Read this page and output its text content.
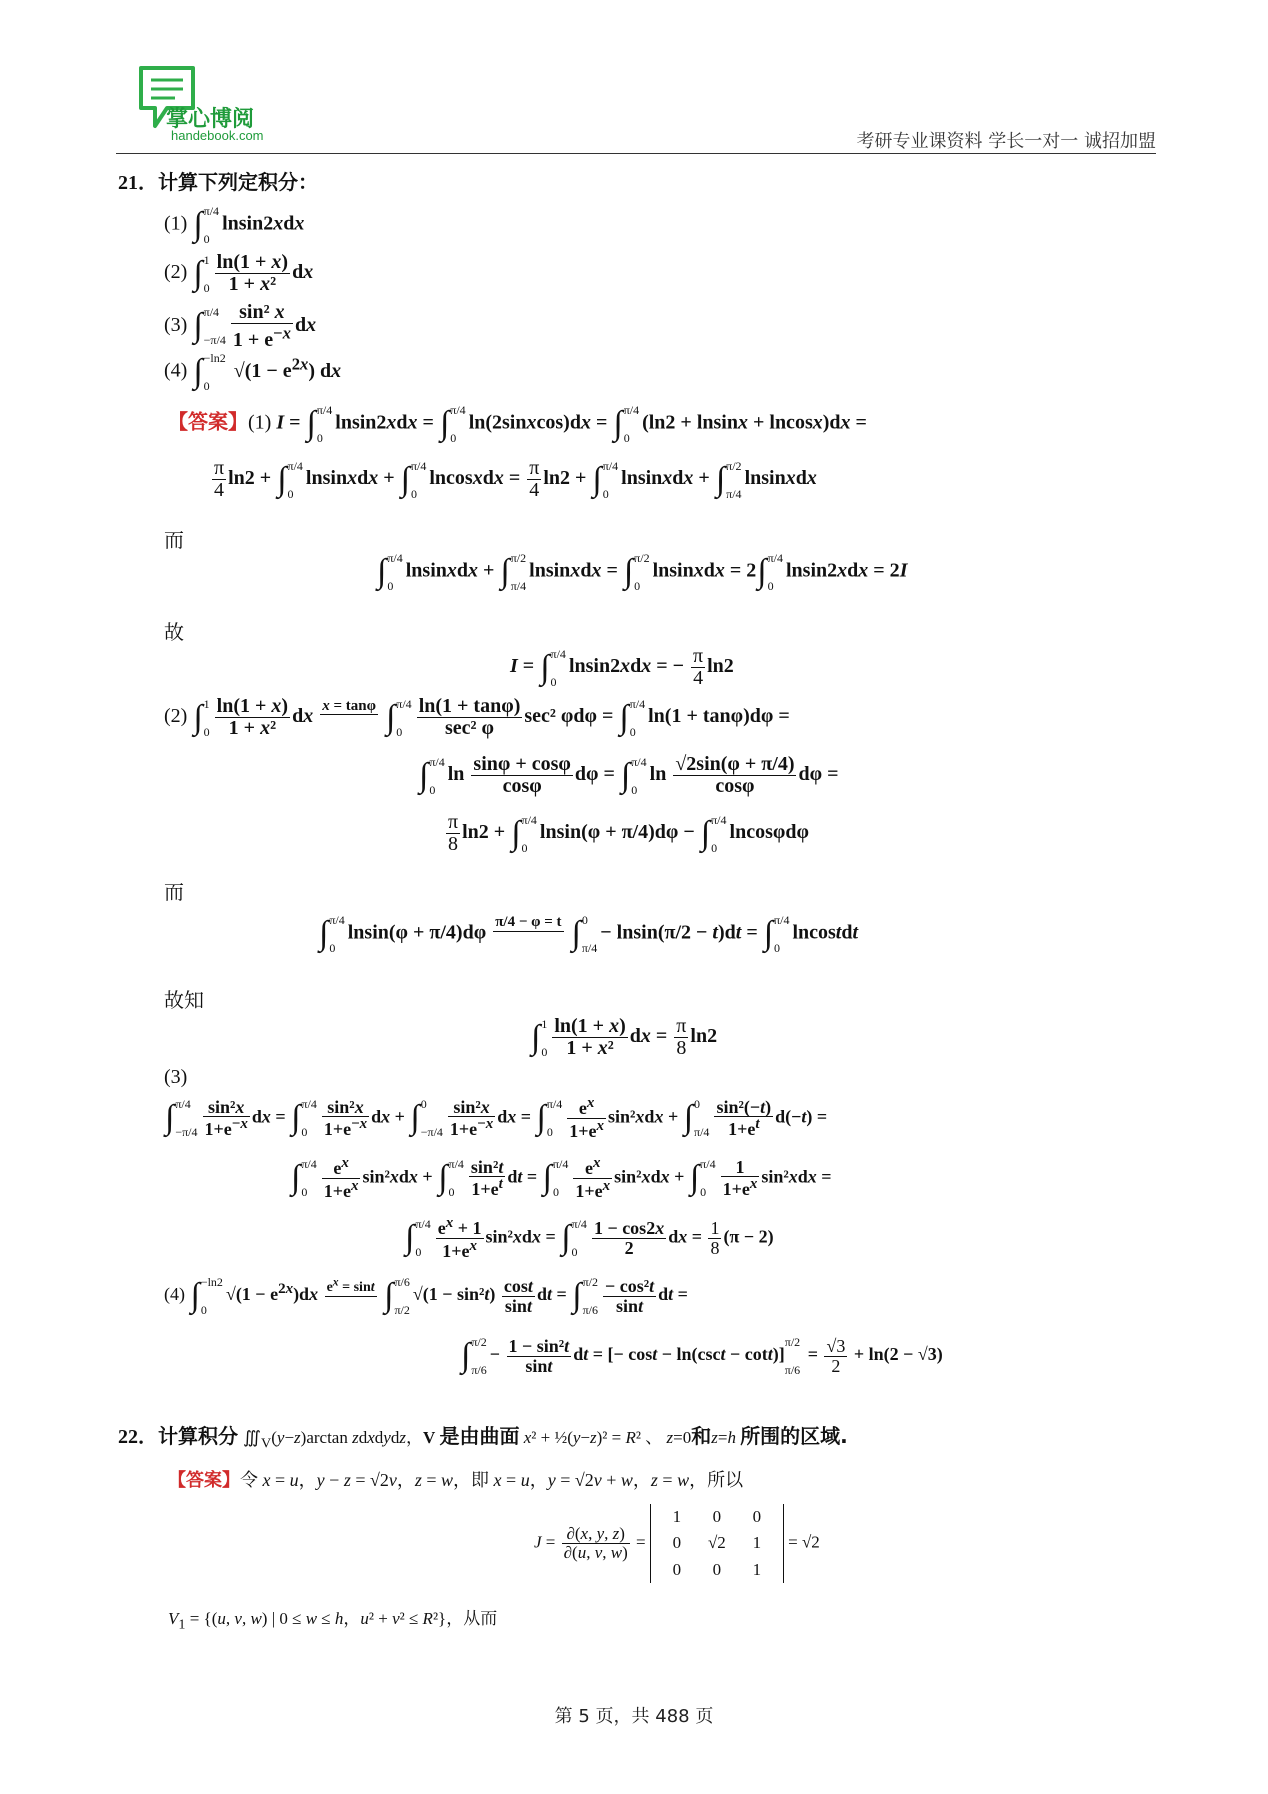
掌心博阅
handebook.com	考研专业课资料 学长一对一 诚招加盟
21．计算下列定积分：
(1) ∫ π/4
0
lnsin2xdx
(2) ∫ 1
$0 \frac{\ln(1 + x)}{\text{1 + x²}}$ dx
(3) ∫ π/4
$-\pi/4 \frac{\text{sin² x}}{1 + e^{-x}}$ dx
(4) ∫ −ln2
0
$√(1 - e^{2x})$ dx
【答案】(1) I = ∫ π/4
0
lnsin2xdx = ∫ π/4
0
ln(2sinxcos)dx = ∫ π/4
0
(ln2 + lnsinx + lncosx)dx =
$\frac{\pi}{4} \ln 2$ + ∫ π/4
0
lnsinxdx + ∫ π/4
0
lncosxdx = $\frac{\pi}{4} \ln 2$ + ∫ π/4
0
lnsinxdx + ∫ π/2
π/4
lnsinxdx
而
∫ π/4
0
lnsinxdx + ∫ π/2
π/4
lnsinxdx = ∫ π/2
0
lnsinxdx = 2∫ π/4
0
lnsin2xdx = 2I
故
I = ∫ π/4
0
lnsin2xdx = − $\frac{\pi}{4} \ln 2$
(2) ∫ 1
$0 \frac{\ln(1 + x)}{\text{1 + x²}}$ dx x = tanφ
∫ π/4
$0 \frac{\ln(1 + \tan\varphi)}{\text{sec² φ}} \sec^2$ φdφ = ∫ π/4
0
ln(1 + tanφ)dφ =
∫ π/4
0
$\ln \frac{\sin\varphi + \cos\varphi}{\cos\varphi}$ dφ = ∫ π/4
0
$\ln \frac{√2\sin(\varphi + \pi/4)}{\cos\varphi}$ dφ =
$\frac{\pi}{8} \ln 2$ + ∫ π/4
0
lnsin(φ + π/4)dφ − ∫ π/4
0
lncosφdφ
而
∫ π/4
0
lnsin(φ + π/4)dφ π/4 − φ = t
∫ 0
π/4
− lnsin(π/2 − t)dt = ∫ π/4
0
lncostdt
故知
∫ 1
$0 \frac{\ln(1 + x)}{\text{1 + x²}}$ dx = $\frac{\pi}{8} \ln 2$
(3)
∫ π/4
$-\pi/4 \frac{\text{sin²x}}{1+e^{-x}}$ dx = ∫ π/4
$0 \frac{\text{sin²x}}{1+e^{-x}}$ dx + ∫ 0
$-\pi/4 \frac{\text{sin²x}}{1+e^{-x}}$ dx = ∫ π/4
$0 \frac{e^x}{1+e^x} \sin^2xdx$ + ∫ 0
$\pi/4 \frac{\text{sin²(−t)}}{1+e^t} d(-t)$ =
∫ π/4
$0 \frac{e^x}{1+e^x} \sin^2xdx$ + ∫ π/4
$0 \frac{\text{sin²t}}{1+e^t}$ dt = ∫ π/4
$0 \frac{e^x}{1+e^x} \sin^2xdx$ + ∫ π/4
$0 \frac{1}{1+e^x} \sin^2xdx$ =
∫ π/4
$0 \frac{e^x + 1}{1+e^x} \sin^2xdx$ = ∫ π/4
$0 \frac{1 - \cos 2x}{2}$ dx = $\frac{1}{8} (\pi - 2)$
(4) ∫ −ln2
0
$√(1 - e^{2x})dx$ $e^x = \sin t$
∫ π/6
π/2
$√(1 - \sin^2t) \frac{\cos t}{\sin t}$ dt = ∫ π/2
$\pi/6 \frac{\text{− cos²t}}{\sin t}$ dt =
∫ π/2
π/6
− $\frac{\text{1 − sin²t}}{\sin t}$ dt = [− cost − ln(csct − cott)]
π/2
π/6
= $\frac{√3}{2} + \ln(2 - √3)$
22．计算积分 $∭_V(y-z)\arctan$ zdxdydz，V 是由曲面 x² + ½(y−z)² = R² 、 z=0和z=h 所围的区域.
【答案】令 x = u，y − z = √2v，z = w，即 x = u，y = √2v + w，z = w，所以
$J = \frac{\partial(x, y, z)}{\partial(u, v, w)}$ =
1 0 0
0 √2 1
0 0 1
= √2
$V_1 = \{(u$, v, w) | 0 ≤ w ≤ h，u² + v² ≤ R²}，从而
第 5 页，共 488 页
